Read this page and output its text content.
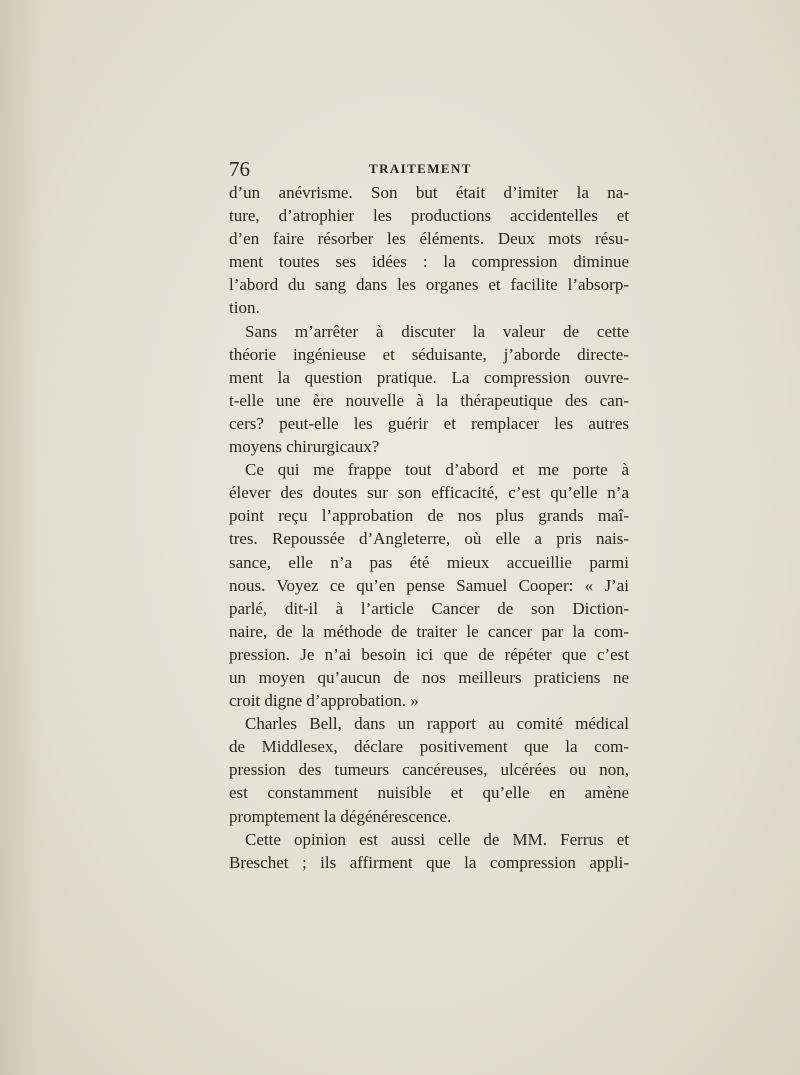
76	TRAITEMENT
d’un anévrisme. Son but était d’imiter la na-
ture, d’atrophier les productions accidentelles et
d’en faire résorber les éléments. Deux mots résu-
ment toutes ses idées : la compression diminue
l’abord du sang dans les organes et facilite l’absorp-
tion.
Sans m’arrêter à discuter la valeur de cette
théorie ingénieuse et séduisante, j’aborde directe-
ment la question pratique. La compression ouvre-
t-elle une ère nouvelle à la thérapeutique des can-
cers? peut-elle les guérir et remplacer les autres
moyens chirurgicaux?
Ce qui me frappe tout d’abord et me porte à
élever des doutes sur son efficacité, c’est qu’elle n’a
point reçu l’approbation de nos plus grands maî-
tres. Repoussée d’Angleterre, où elle a pris nais-
sance, elle n’a pas été mieux accueillie parmi
nous. Voyez ce qu’en pense Samuel Cooper: « J’ai
parlé, dit-il à l’article Cancer de son Diction-
naire, de la méthode de traiter le cancer par la com-
pression. Je n’ai besoin ici que de répéter que c’est
un moyen qu’aucun de nos meilleurs praticiens ne
croit digne d’approbation. »
Charles Bell, dans un rapport au comité médical
de Middlesex, déclare positivement que la com-
pression des tumeurs cancéreuses, ulcérées ou non,
est constamment nuisible et qu’elle en amène
promptement la dégénérescence.
Cette opinion est aussi celle de MM. Ferrus et
Breschet ; ils affirment que la compression appli-
